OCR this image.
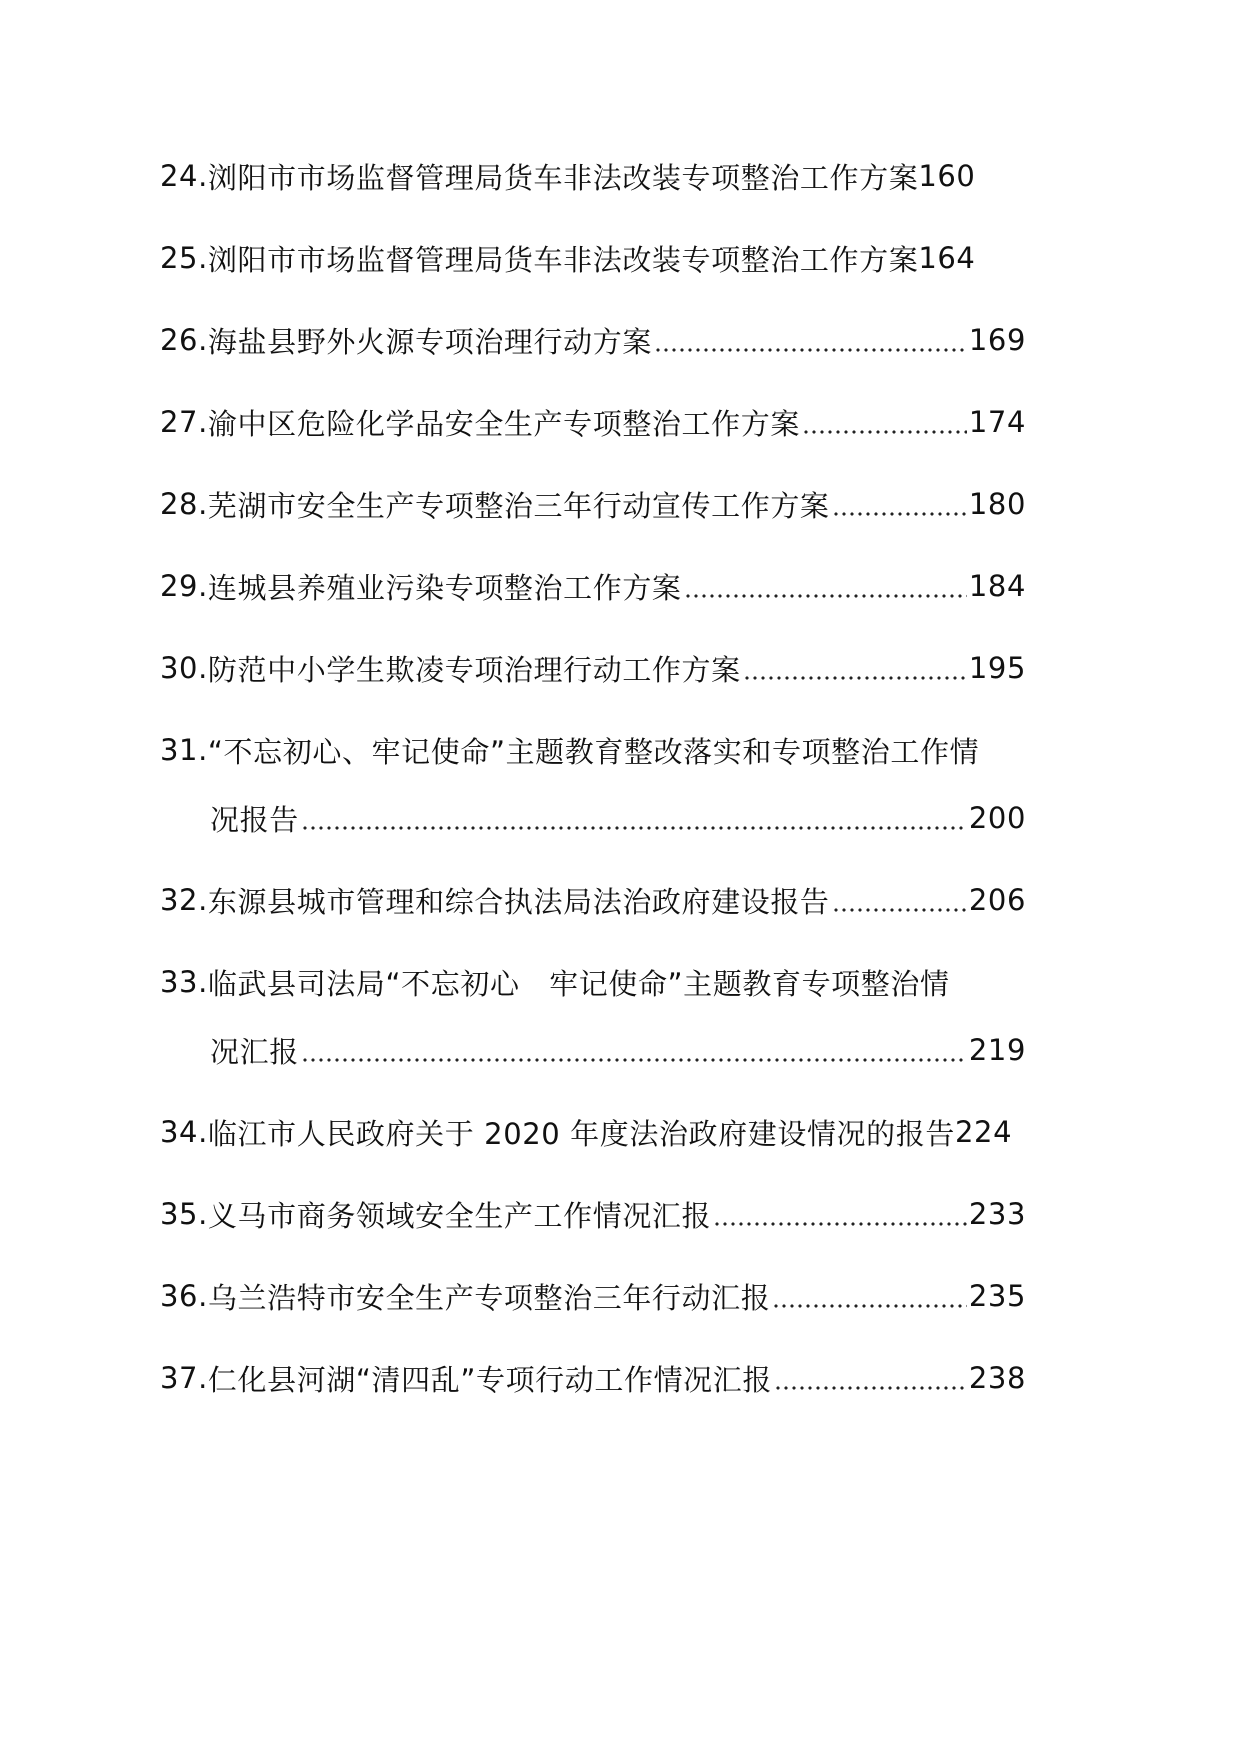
24. 浏阳市市场监督管理局货车非法改装专项整治工作方案 160
25. 浏阳市市场监督管理局货车非法改装专项整治工作方案 164
26. 海盐县野外火源专项治理行动方案	169
27. 渝中区危险化学品安全生产专项整治工作方案	174
28. 芜湖市安全生产专项整治三年行动宣传工作方案	180
29. 连城县养殖业污染专项整治工作方案	184
30. 防范中小学生欺凌专项治理行动工作方案	195
31. “不忘初心、牢记使命”主题教育整改落实和专项整治工作情
况报告	200
32. 东源县城市管理和综合执法局法治政府建设报告	206
33. 临武县司法局“不忘初心　牢记使命”主题教育专项整治情
况汇报	219
34. 临江市人民政府关于 2020 年度法治政府建设情况的报告 224
35. 义马市商务领域安全生产工作情况汇报	233
36. 乌兰浩特市安全生产专项整治三年行动汇报	235
37. 仁化县河湖“清四乱”专项行动工作情况汇报	238
